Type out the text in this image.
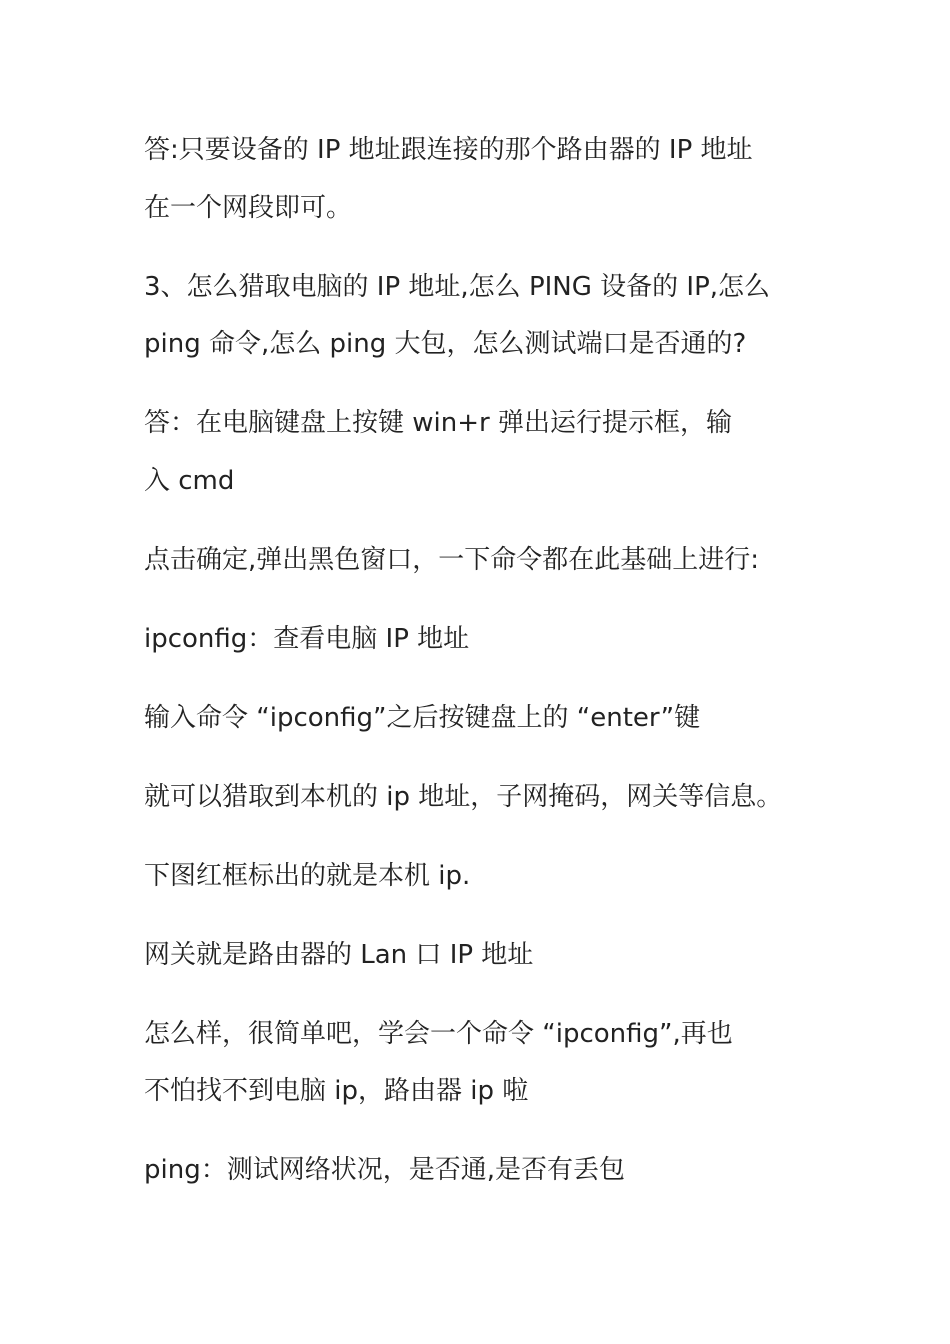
答:只要设备的 IP 地址跟连接的那个路由器的 IP 地址
在一个网段即可。
3、怎么猎取电脑的 IP 地址,怎么 PING 设备的 IP,怎么
ping 命令,怎么 ping 大包，怎么测试端口是否通的?
答：在电脑键盘上按键 win+r 弹出运行提示框，输
入 cmd
点击确定,弹出黑色窗口，一下命令都在此基础上进行:
ipconfig：查看电脑 IP 地址
输入命令 “ipconfig”之后按键盘上的 “enter”键
就可以猎取到本机的 ip 地址，子网掩码，网关等信息。
下图红框标出的就是本机 ip.
网关就是路由器的 Lan 口 IP 地址
怎么样，很简单吧，学会一个命令 “ipconfig”,再也
不怕找不到电脑 ip，路由器 ip 啦
ping：测试网络状况，是否通,是否有丢包
